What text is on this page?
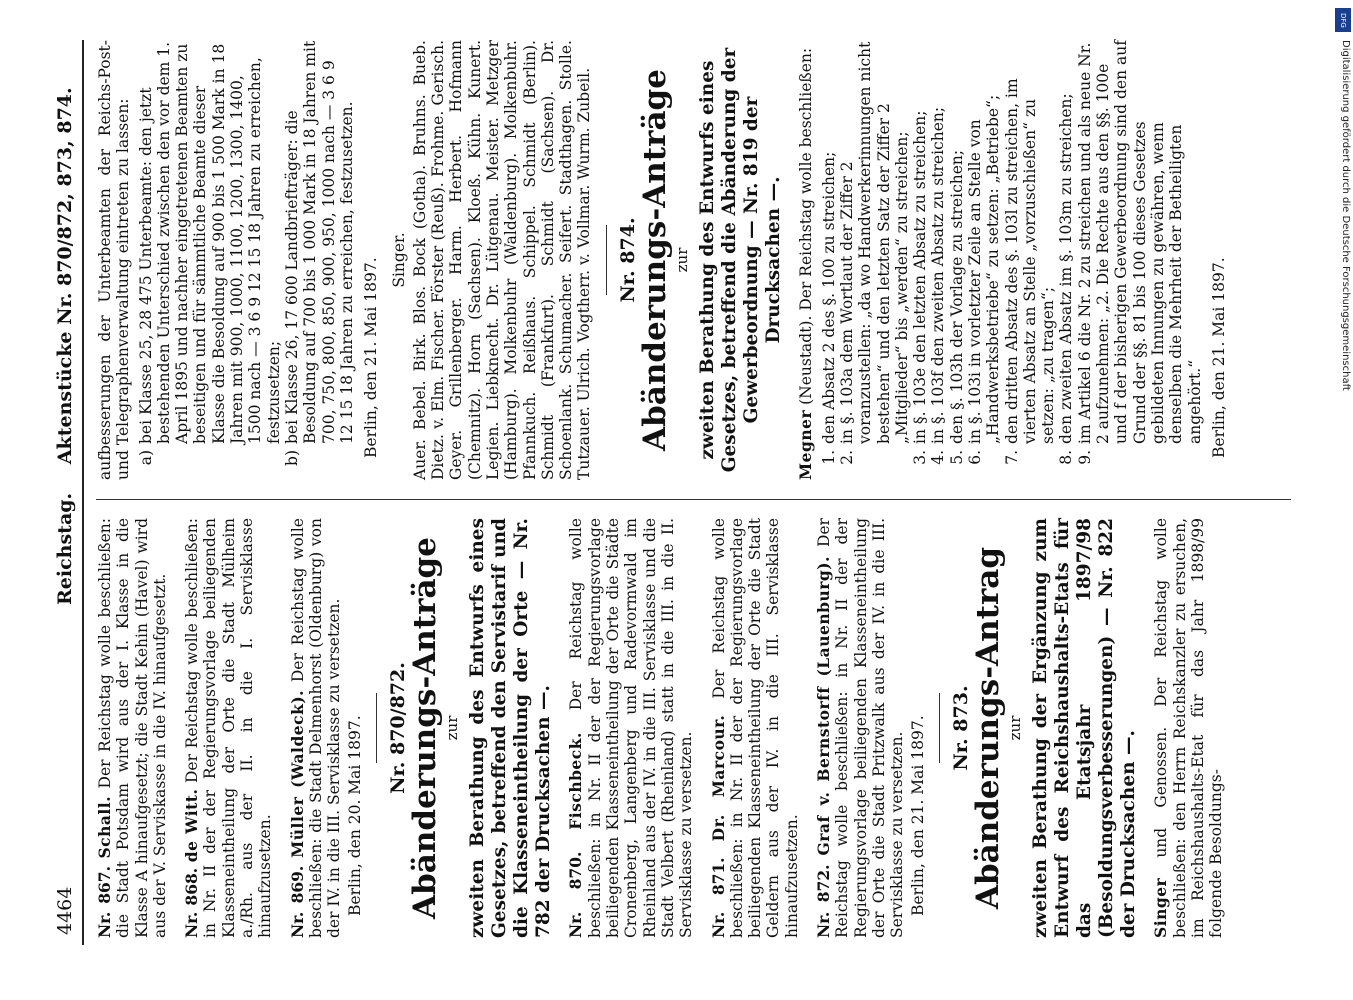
4464
Reichstag. Aktenstücke Nr. 870/872, 873, 874.

Nr. 867. Schall. Der Reichstag wolle beschließen: die Stadt Potsdam wird aus der I. Klasse in die Klasse A hinaufgesetzt; die Stadt Kehin (Havel) wird aus der V. Serviskasse in die IV. hinaufgesetzt. Nr. 868. de Witt. Der Reichstag wolle beschließen: in Nr. II der der Regierungsvorlage beiliegenden Klasseneintheilung der Orte die Stadt Mülheim a./Rh. aus der II. in die I. Servisklasse hinaufzusetzen. Nr. 869. Müller (Waldeck). Der Reichstag wolle beschließen: die Stadt Delmenhorst (Oldenburg) von der IV. in die III. Servisklasse zu versetzen. Berlin, den 20. Mai 1897. Nr. 870/872.
Abänderungs-Anträge zur zweiten Berathung des Entwurfs eines Gesetzes, betreffend den Servistarif und die Klasseneintheilung der Orte — Nr. 782 der Drucksachen —. Nr. 870. Fischbeck. Der Reichstag wolle beschließen: in Nr. II der der Regierungsvorlage beiliegenden Klasseneintheilung der Orte die Städte Cronenberg, Langenberg und Radevormwald im Rheinland aus der IV. in die III. Servisklasse und die Stadt Velbert (Rheinland) statt in die III. in die II. Servisklasse zu versetzen. Nr. 871. Dr. Marcour. Der Reichstag wolle beschließen: in Nr. II der der Regierungsvorlage beiliegenden Klasseneintheilung der Orte die Stadt Geldern aus der IV. in die III. Servisklasse hinaufzusetzen. Nr. 872. Graf v. Bernstorff (Lauenburg). Der Reichstag wolle beschließen: in Nr. II der der Regierungsvorlage beiliegenden Klasseneintheilung der Orte die Stadt Pritzwalk aus der IV. in die III. Servisklasse zu versetzen. Berlin, den 21. Mai 1897. Nr. 873.
Abänderungs-Antrag zur zweiten Berathung der Ergänzung zum Entwurf des Reichshaushalts-Etats für das Etatsjahr 1897/98 (Besoldungsverbesserungen) — Nr. 822 der Drucksachen —. Singer und Genossen. Der Reichstag wolle beschließen: den Herrn Reichskanzler zu ersuchen, im Reichshaushalts-Etat für das Jahr 1898/99 folgende Besoldungs-

aufbesserungen der Unterbeamten der Reichs-Post- und Telegraphenverwaltung eintreten zu lassen: a)
bei Klasse 25, 28 475 Unterbeamte: den jetzt bestehenden Unterschied zwischen den vor dem 1. April 1895 und nachher eingetretenen Beamten zu beseitigen und für sämmtliche Beamte dieser Klasse die Besoldung auf 900 bis 1 500 Mark in 18 Jahren mit 900, 1000, 1100, 1200, 1300, 1400, 1500 nach — 3 6 9 12 15 18 Jahren zu erreichen, festzusetzen;
b)
bei Klasse 26, 17 600 Landbriefträger: die Besoldung auf 700 bis 1 000 Mark in 18 Jahren mit 700, 750, 800, 850, 900, 950, 1000 nach — 3 6 9 12 15 18 Jahren zu erreichen, festzusetzen. Berlin, den 21. Mai 1897. Singer. Auer. Bebel. Birk. Blos. Bock (Gotha). Bruhns. Bueb. Dietz. v. Elm. Fischer. Förster (Reuß). Frohme. Gerisch. Geyer. Grillenberger. Harm. Herbert. Hofmann (Chemnitz). Horn (Sachsen). Kloeß. Kühn. Kunert. Legien. Liebknecht. Dr. Lütgenau. Meister. Metzger (Hamburg). Molkenbuhr (Waldenburg). Molkenbuhr. Pfannkuch. Reißhaus. Schippel. Schmidt (Berlin). Schmidt (Frankfurt). Schmidt (Sachsen). Dr. Schoenlank. Schumacher. Seifert. Stadthagen. Stolle. Tutzauer. Ulrich. Vogtherr. v. Vollmar. Wurm. Zubeil. Nr. 874.
Abänderungs-Anträge zur zweiten Berathung des Entwurfs eines Gesetzes, betreffend die Abänderung der Gewerbeordnung — Nr. 819 der Drucksachen —.

Megner (Neustadt). Der Reichstag wolle beschließen:

1.
den Absatz 2 des §. 100 zu streichen;
2.
in §. 103a dem Wortlaut der Ziffer 2 voranzustellen: „da wo Handwerkerinnungen nicht bestehen“ und den letzten Satz der Ziffer 2 „Mitglieder“ bis „werden“ zu streichen;
3.
in §. 103e den letzten Absatz zu streichen;
4.
in §. 103f den zweiten Absatz zu streichen;
5.
den §. 103h der Vorlage zu streichen;
6.
in §. 103i in vorletzter Zeile an Stelle von „Handwerksbetriebe“ zu setzen: „Betriebe“;
7.
den dritten Absatz des §. 103l zu streichen, im vierten Absatz an Stelle „vorzuschießen“ zu setzen: „zu tragen“;
8.
den zweiten Absatz im §. 103m zu streichen;
9.
im Artikel 6 die Nr. 2 zu streichen und als neue Nr. 2 aufzunehmen: „2. Die Rechte aus den §§. 100e und f der bisherigen Gewerbeordnung sind den auf Grund der §§. 81 bis 100 dieses Gesetzes gebildeten Innungen zu gewähren, wenn denselben die Mehrheit der Betheiligten angehört.“ Berlin, den 21. Mai 1897.
DFG
Digitalisierung gefördert durch die Deutsche Forschungsgemeinschaft
